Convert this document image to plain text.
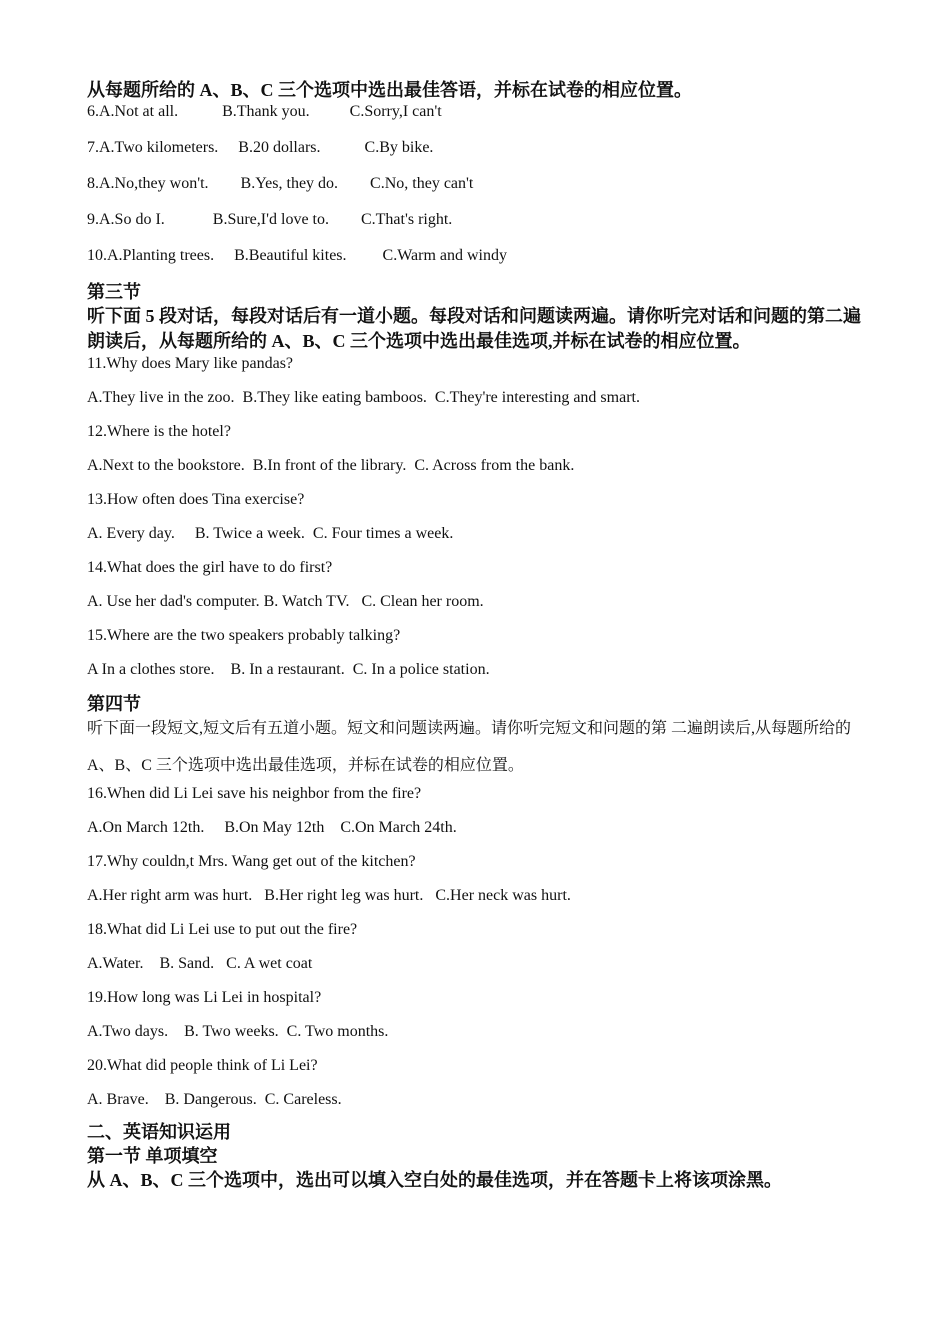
从每题所给的 A、B、C 三个选项中选出最佳答语，并标在试卷的相应位置。
6.A.Not at all.           B.Thank you.          C.Sorry,I can't
7.A.Two kilometers.     B.20 dollars.           C.By bike.
8.A.No,they won't.        B.Yes, they do.        C.No, they can't
9.A.So do I.            B.Sure,I'd love to.        C.That's right.
10.A.Planting trees.     B.Beautiful kites.         C.Warm and windy
第三节
听下面 5 段对话，每段对话后有一道小题。每段对话和问题读两遍。请你听完对话和问题的第二遍朗读后，从每题所给的 A、B、C 三个选项中选出最佳选项,并标在试卷的相应位置。
11.Why does Mary like pandas?
A.They live in the zoo.  B.They like eating bamboos.  C.They're interesting and smart.
12.Where is the hotel?
A.Next to the bookstore.  B.In front of the library.  C. Across from the bank.
13.How often does Tina exercise?
A. Every day.     B. Twice a week.  C. Four times a week.
14.What does the girl have to do first?
A. Use her dad's computer. B. Watch TV.   C. Clean her room.
15.Where are the two speakers probably talking?
A In a clothes store.    B. In a restaurant.  C. In a police station.
第四节
听下面一段短文,短文后有五道小题。短文和问题读两遍。请你听完短文和问题的第 二遍朗读后,从每题所给的 A、B、C 三个选项中选出最佳选项，并标在试卷的相应位置。
16.When did Li Lei save his neighbor from the fire?
A.On March 12th.     B.On May 12th    C.On March 24th.
17.Why couldn,t Mrs. Wang get out of the kitchen?
A.Her right arm was hurt.   B.Her right leg was hurt.   C.Her neck was hurt.
18.What did Li Lei use to put out the fire?
A.Water.    B. Sand.   C. A wet coat
19.How long was Li Lei in hospital?
A.Two days.    B. Two weeks.  C. Two months.
20.What did people think of Li Lei?
A. Brave.    B. Dangerous.  C. Careless.
二、英语知识运用
第一节 单项填空
从 A、B、C 三个选项中，选出可以填入空白处的最佳选项，并在答题卡上将该项涂黑。
